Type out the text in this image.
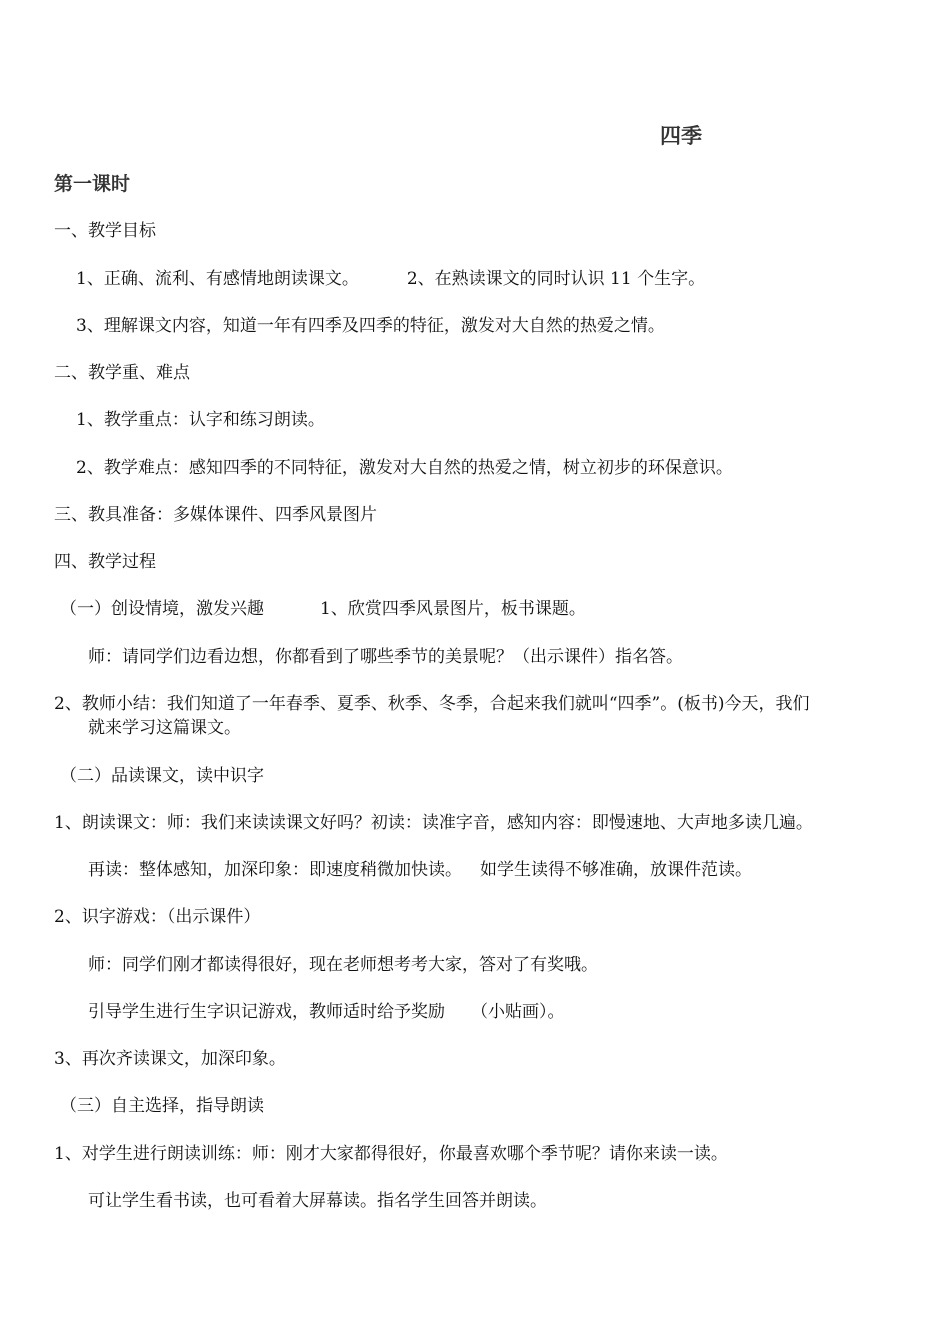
四季
第一课时
一、教学目标
1、正确、流利、有感情地朗读课文。	2、在熟读课文的同时认识 11 个生字。
3、理解课文内容，知道一年有四季及四季的特征，激发对大自然的热爱之情。
二、教学重、难点
1、教学重点：认字和练习朗读。
2、教学难点：感知四季的不同特征，激发对大自然的热爱之情，树立初步的环保意识。
三、教具准备：多媒体课件、四季风景图片
四、教学过程
（一）创设情境，激发兴趣	1、欣赏四季风景图片，板书课题。
师：请同学们边看边想，你都看到了哪些季节的美景呢？（出示课件）指名答。
2、教师小结：我们知道了一年春季、夏季、秋季、冬季，合起来我们就叫“四季”。(板书)今天，我们
就来学习这篇课文。
（二）品读课文，读中识字
1、朗读课文：师：我们来读读课文好吗？初读：读准字音，感知内容：即慢速地、大声地多读几遍。
再读：整体感知，加深印象：即速度稍微加快读。 如学生读得不够准确，放课件范读。
2、识字游戏：（出示课件）
师：同学们刚才都读得很好，现在老师想考考大家，答对了有奖哦。
引导学生进行生字识记游戏，教师适时给予奖励 （小贴画）。
3、再次齐读课文，加深印象。
（三）自主选择，指导朗读
1、对学生进行朗读训练：师：刚才大家都得很好，你最喜欢哪个季节呢？请你来读一读。
可让学生看书读，也可看着大屏幕读。指名学生回答并朗读。
